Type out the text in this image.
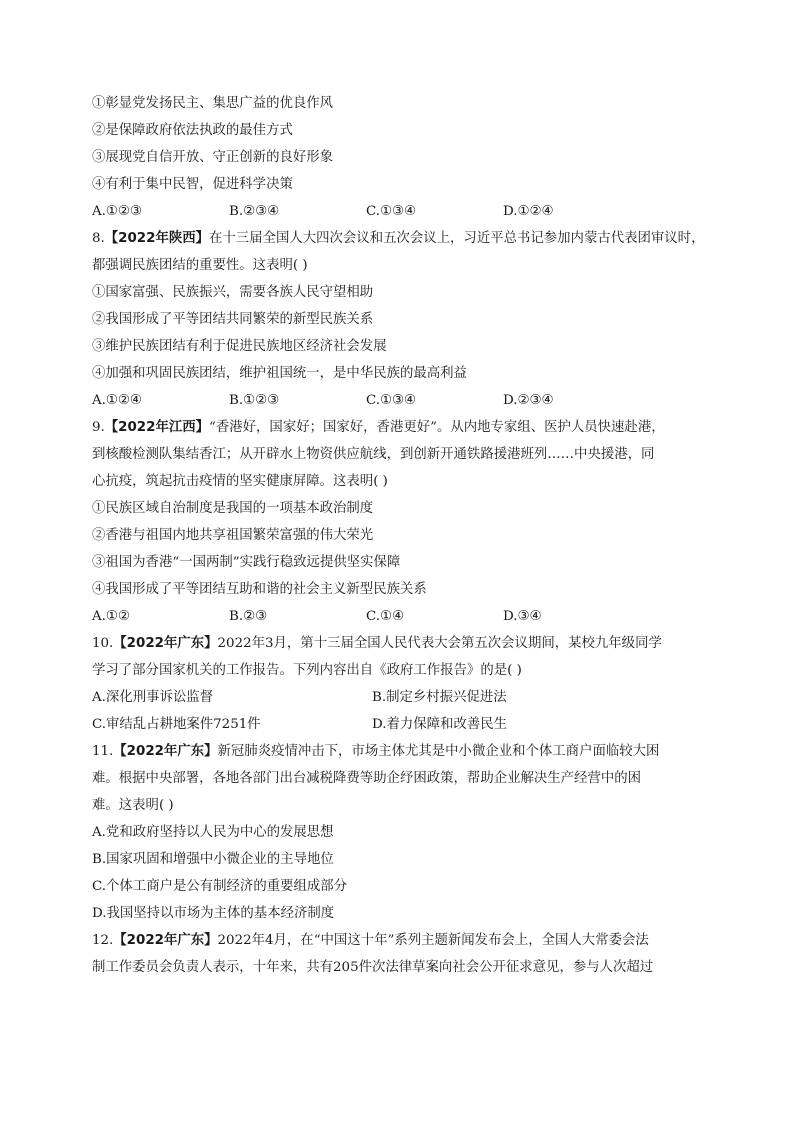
①彰显党发扬民主、集思广益的优良作风
②是保障政府依法执政的最佳方式
③展现党自信开放、守正创新的良好形象
④有利于集中民智，促进科学决策
A.①②③	B.②③④	C.①③④	D.①②④
8.【2022年陕西】在十三届全国人大四次会议和五次会议上，习近平总书记参加内蒙古代表团审议时，
都强调民族团结的重要性。这表明( )
①国家富强、民族振兴，需要各族人民守望相助
②我国形成了平等团结共同繁荣的新型民族关系
③维护民族团结有利于促进民族地区经济社会发展
④加强和巩固民族团结，维护祖国统一，是中华民族的最高利益
A.①②④	B.①②③	C.①③④	D.②③④
9.【2022年江西】“香港好，国家好；国家好，香港更好”。从内地专家组、医护人员快速赴港，
到核酸检测队集结香江；从开辟水上物资供应航线，到创新开通铁路援港班列……中央援港，同
心抗疫，筑起抗击疫情的坚实健康屏障。这表明( )
①民族区域自治制度是我国的一项基本政治制度
②香港与祖国内地共享祖国繁荣富强的伟大荣光
③祖国为香港“一国两制”实践行稳致远提供坚实保障
④我国形成了平等团结互助和谐的社会主义新型民族关系
A.①②	B.②③	C.①④	D.③④
10.【2022年广东】2022年3月，第十三届全国人民代表大会第五次会议期间，某校九年级同学
学习了部分国家机关的工作报告。下列内容出自《政府工作报告》的是( )
A.深化刑事诉讼监督	B.制定乡村振兴促进法
C.审结乱占耕地案件7251件	D.着力保障和改善民生
11.【2022年广东】新冠肺炎疫情冲击下，市场主体尤其是中小微企业和个体工商户面临较大困
难。根据中央部署，各地各部门出台减税降费等助企纾困政策，帮助企业解决生产经营中的困
难。这表明( )
A.党和政府坚持以人民为中心的发展思想
B.国家巩固和增强中小微企业的主导地位
C.个体工商户是公有制经济的重要组成部分
D.我国坚持以市场为主体的基本经济制度
12.【2022年广东】2022年4月，在“中国这十年”系列主题新闻发布会上，全国人大常委会法
制工作委员会负责人表示，十年来，共有205件次法律草案向社会公开征求意见，参与人次超过
